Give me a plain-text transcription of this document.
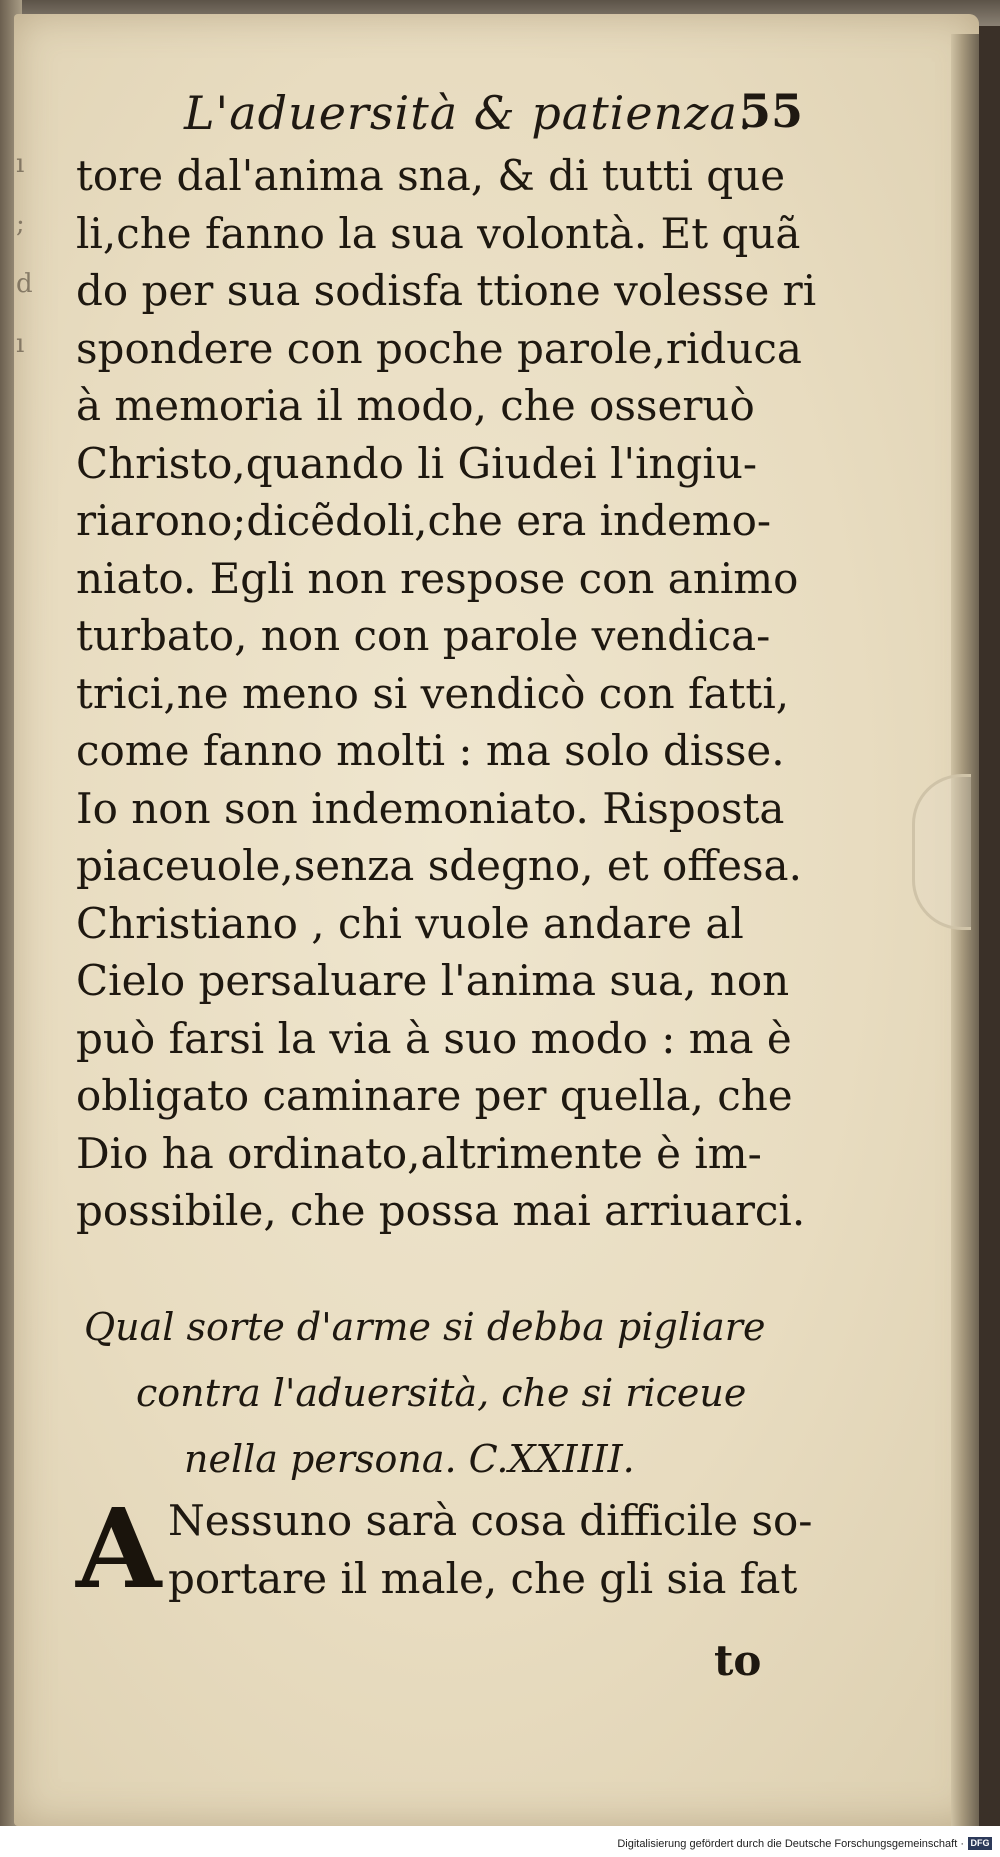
ı
;
d
ı
L'aduersità & patienza.
55
tore dal'anima sna, & di tutti que
li,che fanno la sua volontà. Et quã
do per sua sodisfa ttione volesse ri
spondere con poche parole,riduca
à memoria il modo, che osseruò
Christo,quando li Giudei l'ingiu-
riarono;dicẽdoli,che era indemo-
niato. Egli non respose con animo
turbato, non con parole vendica-
trici,ne meno si vendicò con fatti,
come fanno molti : ma solo disse.
Io non son indemoniato. Risposta
piaceuole,senza sdegno, et offesa.
Christiano , chi vuole andare al
Cielo persaluare l'anima sua, non
può farsi la via à suo modo : ma è
obligato caminare per quella, che
Dio ha ordinato,altrimente è im-
possibile, che possa mai arriuarci.
Qual sorte d'arme si debba pigliare
contra l'aduersità, che si riceue
nella persona. C.XXIIII.
A Nessuno sarà cosa difficile so-
portare il male, che gli sia fat
to
Digitalisierung gefördert durch die Deutsche Forschungsgemeinschaft · DFG
